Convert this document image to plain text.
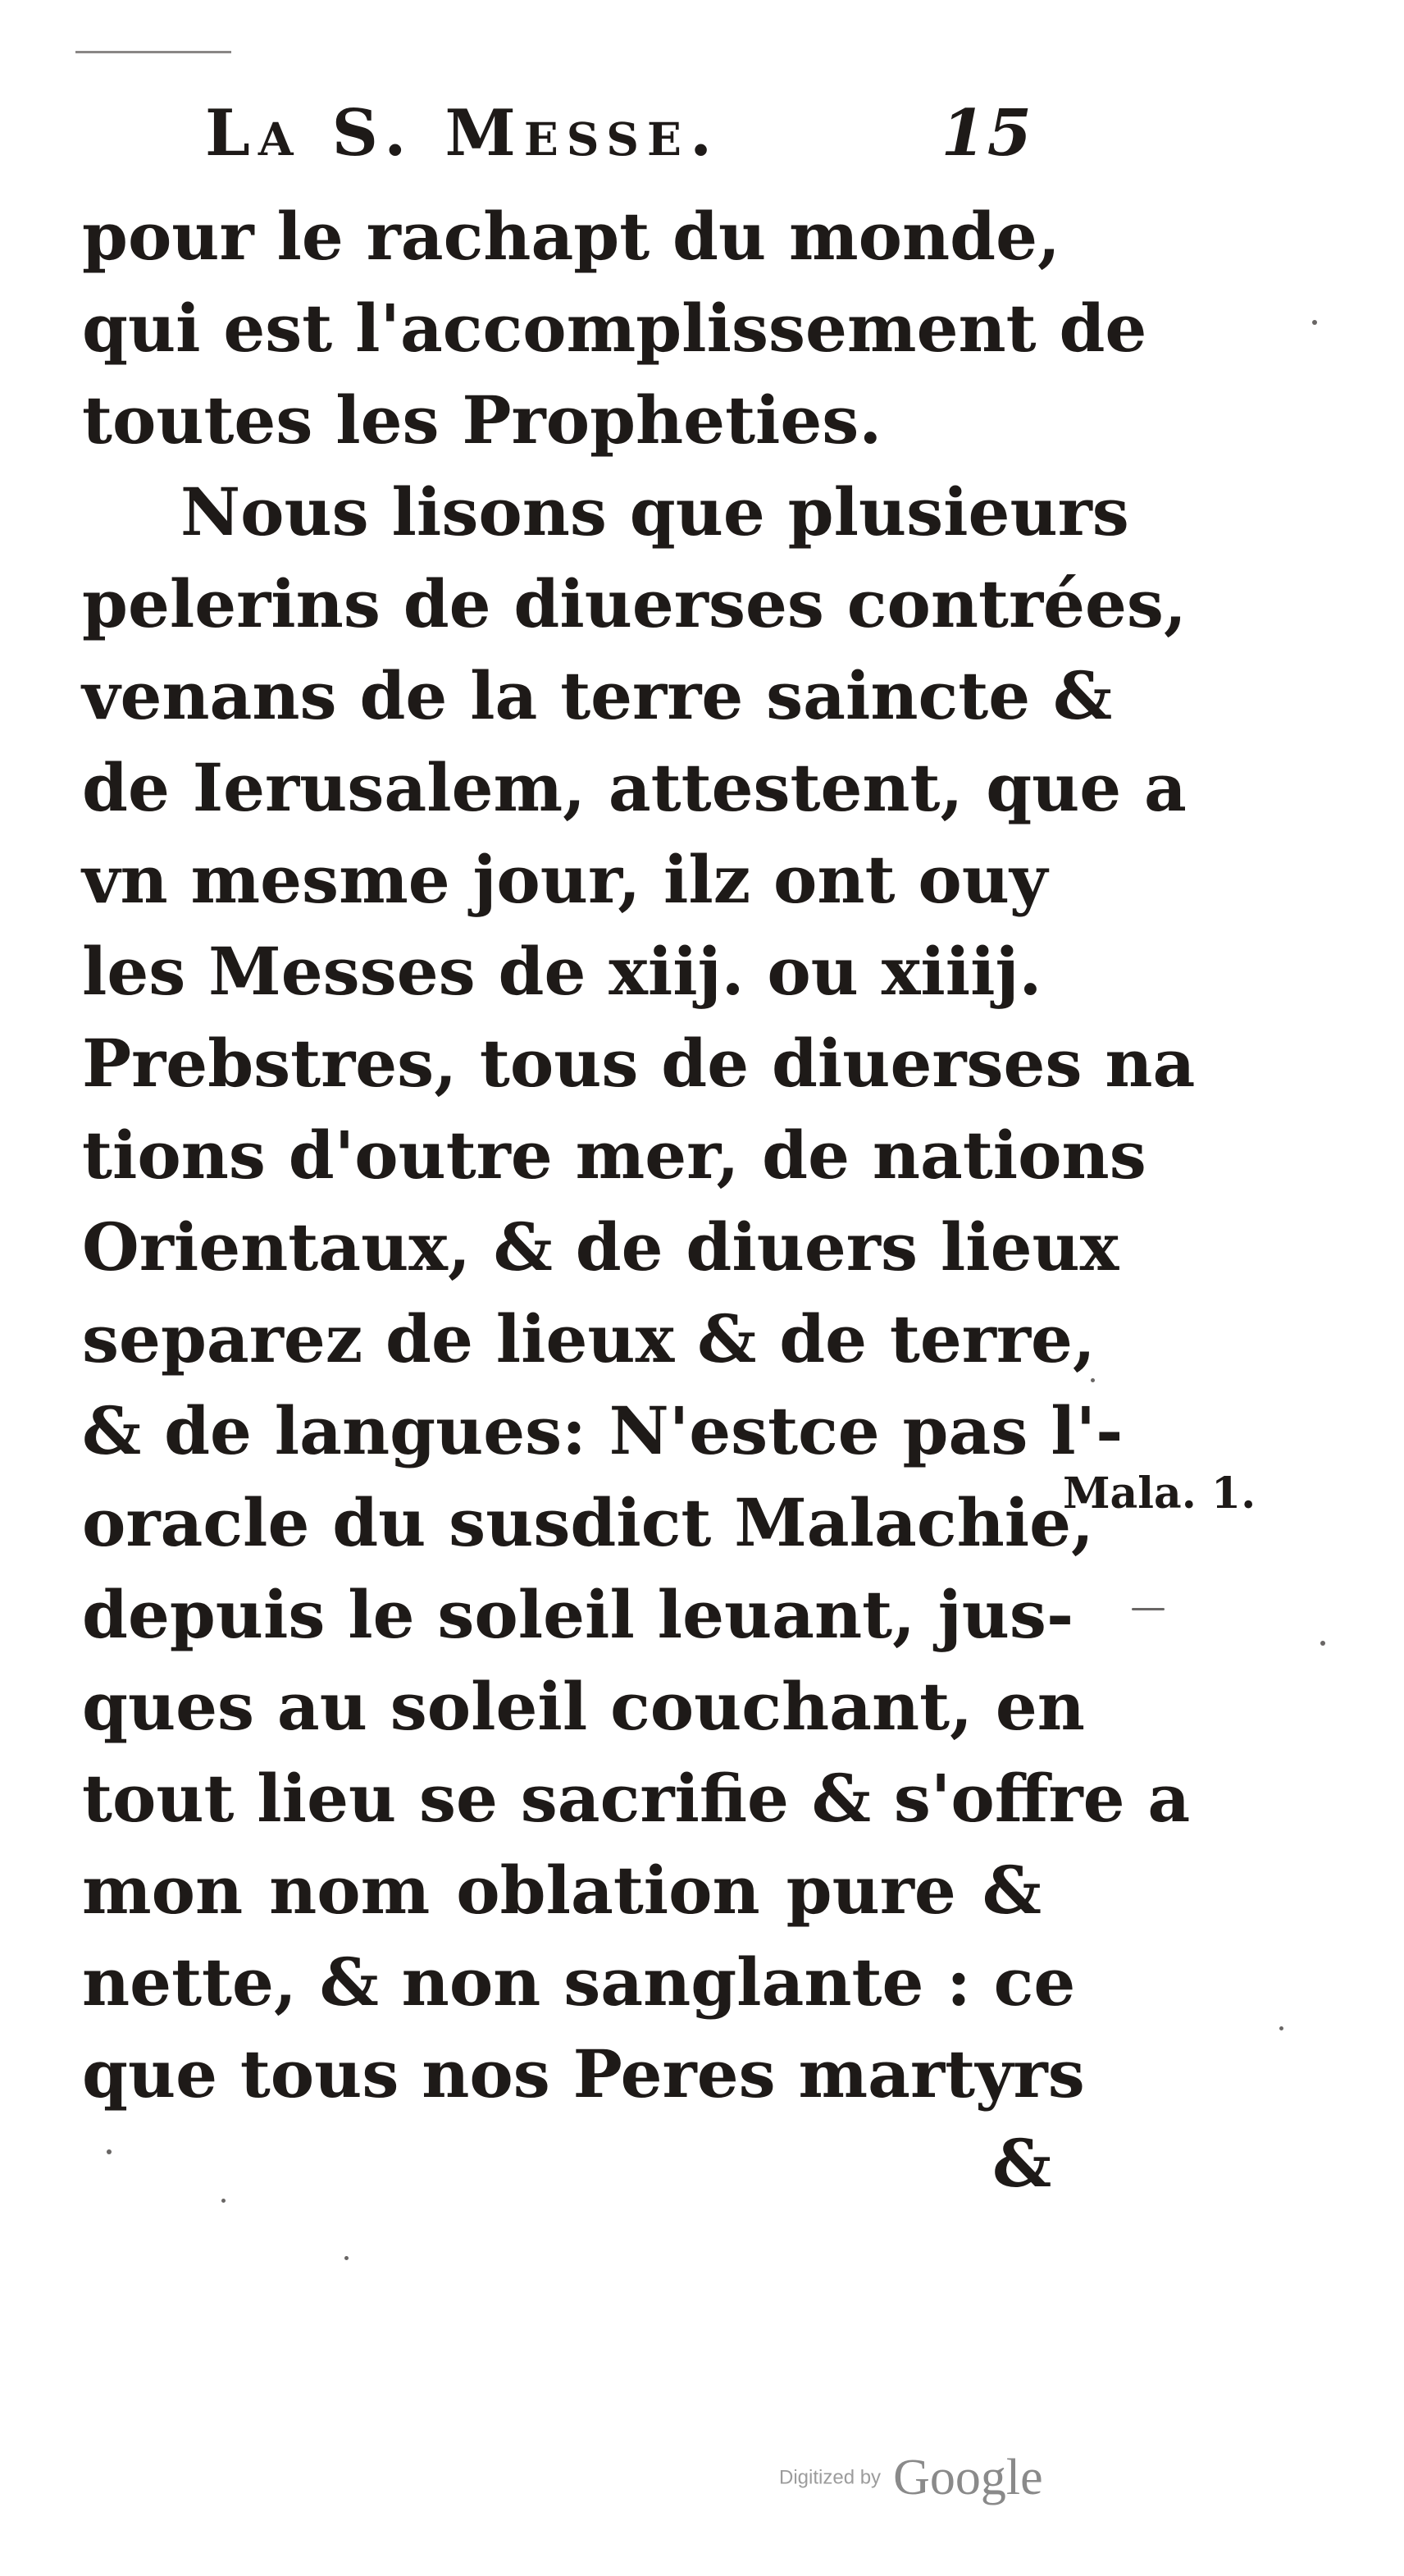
La S. Messe.	15
pour le rachapt du monde,
qui est l'accomplissement de
toutes les Propheties.
Nous lisons que plusieurs
pelerins de diuerses contrées,
venans de la terre saincte &
de Ierusalem, attestent, que a
vn mesme jour, ilz ont ouy
les Messes de xiij. ou xiiij.
Prebstres, tous de diuerses na
tions d'outre mer, de nations
Orientaux, & de diuers lieux
separez de lieux & de terre,
& de langues: N'estce pas l'-
oracle du susdict Malachie,
depuis le soleil leuant, jus-
ques au soleil couchant, en
tout lieu se sacrifie & s'offre a
mon nom oblation pure &
nette, & non sanglante : ce
que tous nos Peres martyrs
Mala. 1.
&
Digitized by Google
